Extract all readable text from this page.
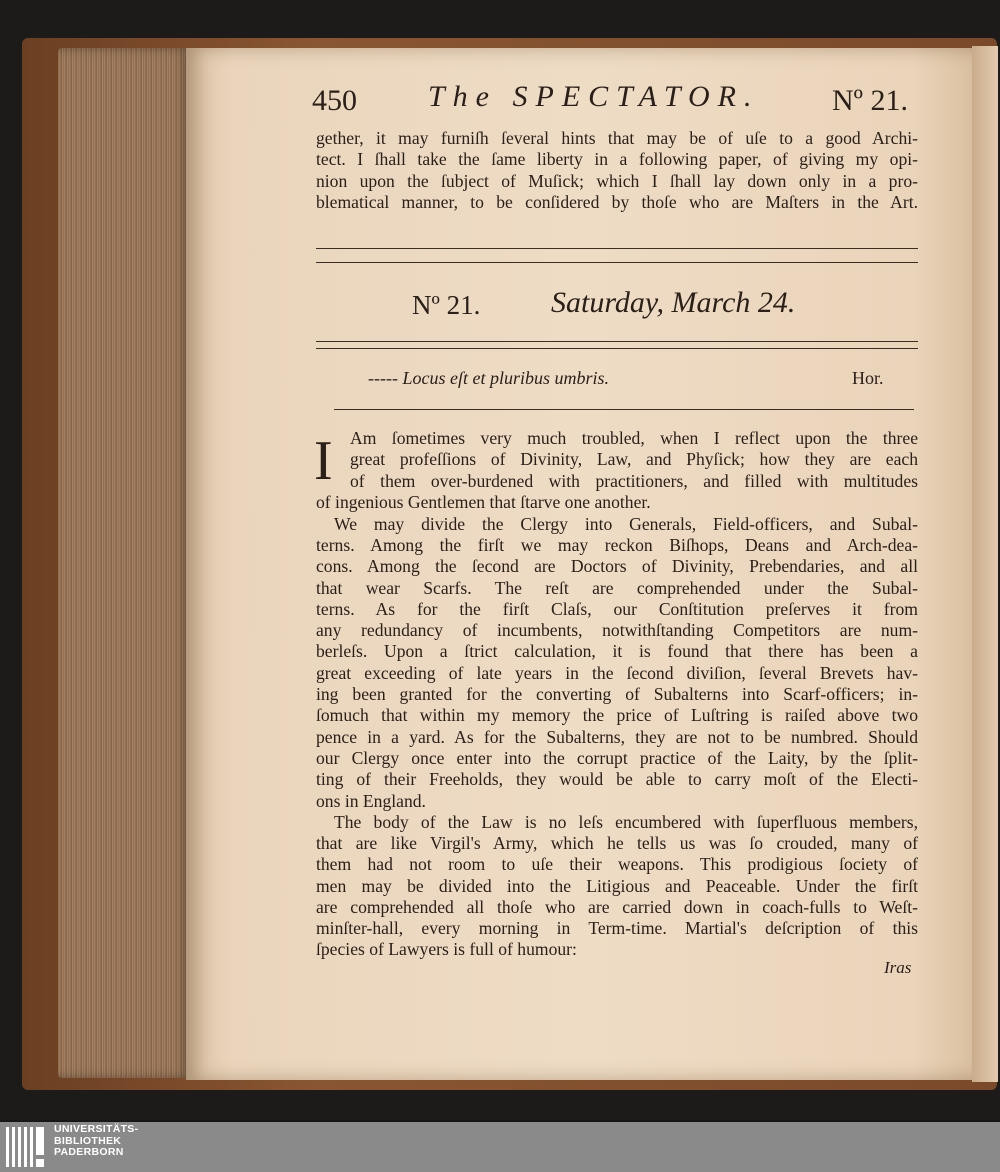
450 The SPECTATOR. Nº 21.
gether, it may furniſh ſeveral hints that may be of uſe to a good Archi-
tect. I ſhall take the ſame liberty in a following paper, of giving my opi-
nion upon the ſubject of Muſick; which I ſhall lay down only in a pro-
blematical manner, to be conſidered by thoſe who are Maſters in the Art.
Nº 21. Saturday, March 24.
----- Locus eſt et pluribus umbris.	Hor.
I Am ſometimes very much troubled, when I reflect upon the three
great profeſſions of Divinity, Law, and Phyſick; how they are each
of them over-burdened with practitioners, and filled with multitudes
of ingenious Gentlemen that ſtarve one another.
We may divide the Clergy into Generals, Field-officers, and Subal-
terns. Among the firſt we may reckon Biſhops, Deans and Arch-dea-
cons. Among the ſecond are Doctors of Divinity, Prebendaries, and all
that wear Scarfs. The reſt are comprehended under the Subal-
terns. As for the firſt Claſs, our Conſtitution preſerves it from
any redundancy of incumbents, notwithſtanding Competitors are num-
berleſs. Upon a ſtrict calculation, it is found that there has been a
great exceeding of late years in the ſecond diviſion, ſeveral Brevets hav-
ing been granted for the converting of Subalterns into Scarf-officers; in-
ſomuch that within my memory the price of Luſtring is raiſed above two
pence in a yard. As for the Subalterns, they are not to be numbred. Should
our Clergy once enter into the corrupt practice of the Laity, by the ſplit-
ting of their Freeholds, they would be able to carry moſt of the Electi-
ons in England.
The body of the Law is no leſs encumbered with ſuperfluous members,
that are like Virgil's Army, which he tells us was ſo crouded, many of
them had not room to uſe their weapons. This prodigious ſociety of
men may be divided into the Litigious and Peaceable. Under the firſt
are comprehended all thoſe who are carried down in coach-fulls to Weſt-
minſter-hall, every morning in Term-time. Martial's deſcription of this
ſpecies of Lawyers is full of humour:
Iras
UNIVERSITÄTS-
BIBLIOTHEK
PADERBORN
